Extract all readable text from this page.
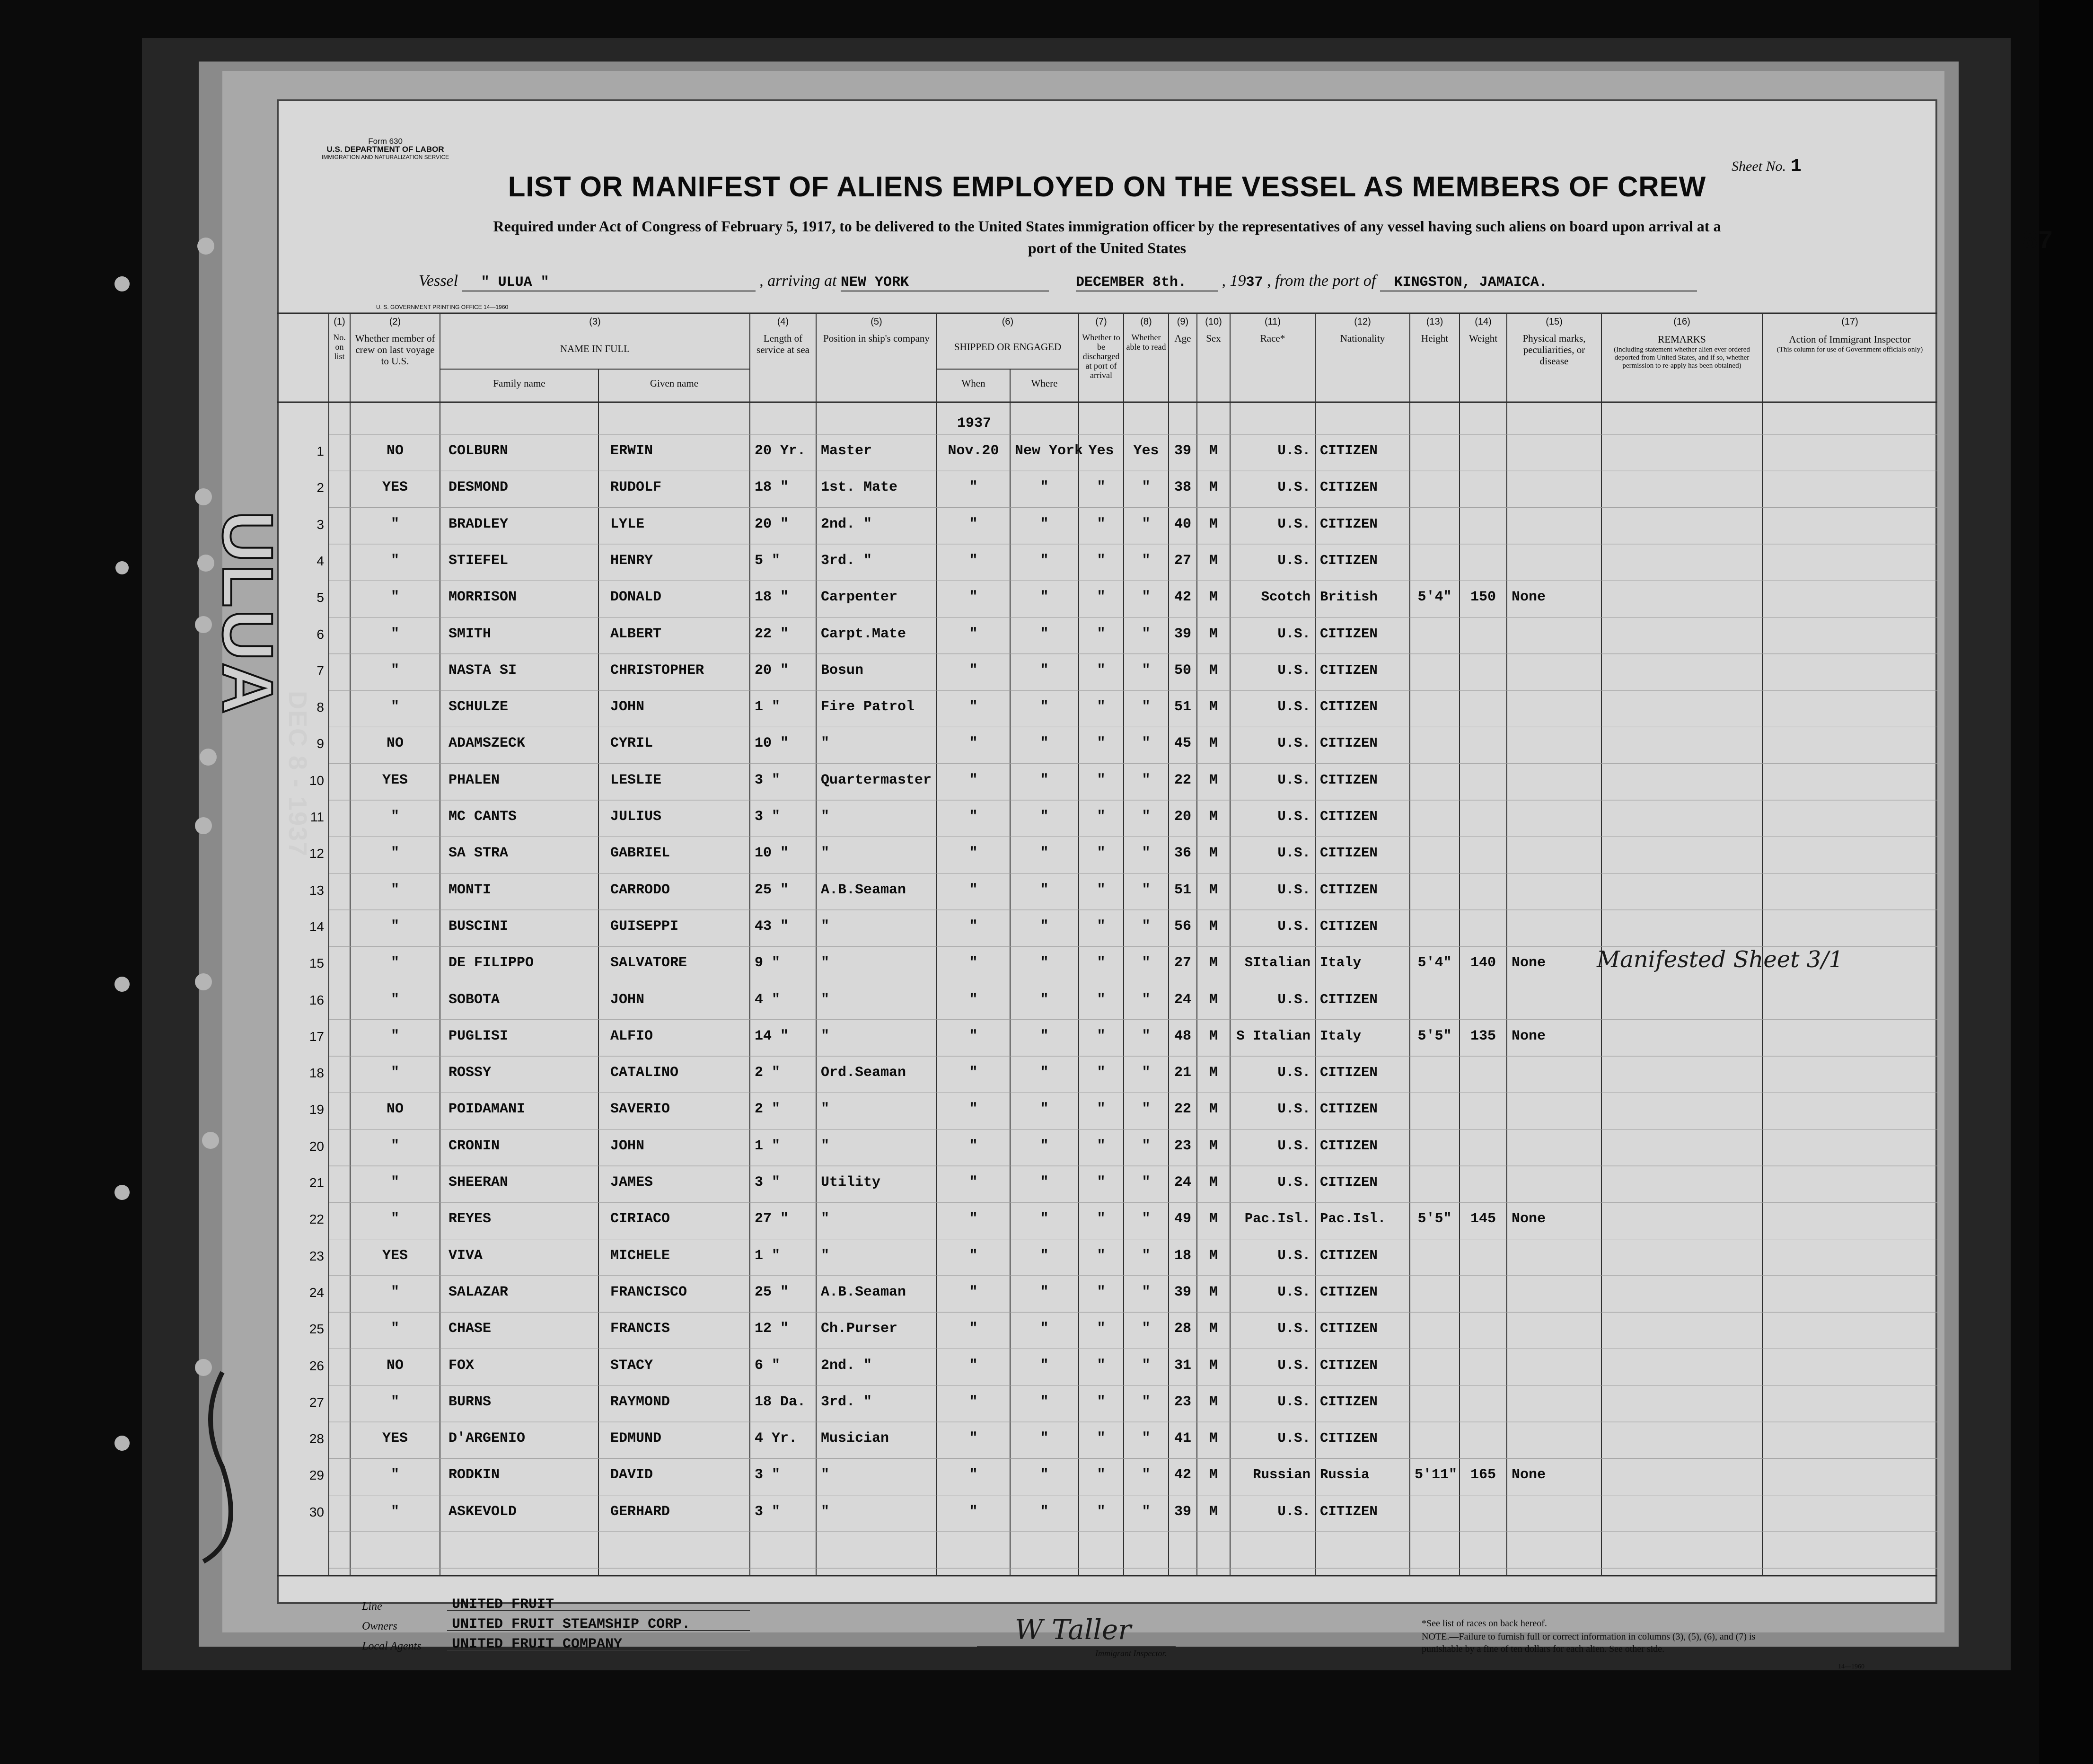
Form 630
U.S. DEPARTMENT OF LABOR
IMMIGRATION AND NATURALIZATION SERVICE
Sheet No. 1
87
LIST OR MANIFEST OF ALIENS EMPLOYED ON THE VESSEL AS MEMBERS OF CREW
Required under Act of Congress of February 5, 1917, to be delivered to the United States immigration officer by the representatives of any vessel having such aliens on board upon arrival at a
port of the United States
Vessel " ULUA "	, arriving at NEW YORK	DECEMBER 8th. , 1937 , from the port of KINGSTON, JAMAICA.
U. S. GOVERNMENT PRINTING OFFICE 14—1960
(1)
No. on list
(2)
Whether member of crew on last voyage to U.S.
(3)
NAME IN FULL
Family name	Given name
(4)
Length of service at sea
(5)
Position in ship's company
(6)
SHIPPED OR ENGAGED
When	Where
(7)
Whether to be discharged at port of arrival
(8)
Whether able to read
(9)
Age
(10)
Sex
(11)
Race*
(12)
Nationality
(13)
Height
(14)
Weight
(15)
Physical marks, peculiarities, or disease
(16)
REMARKS
(Including statement whether alien ever ordered deported from United States, and if so, whether permission to re-apply has been obtained)
(17)
Action of Immigrant Inspector
(This column for use of Government officials only)
1937
1	NO	COLBURN	ERWIN	20 Yr.	Master	Nov.20	New York Yes	Yes	39	M	U.S. CITIZEN
2	YES	DESMOND	RUDOLF	18 "	1st. Mate	"	"	"	"	38	M	U.S. CITIZEN
3	"	BRADLEY	LYLE	20 "	2nd. "	"	"	"	"	40	M	U.S. CITIZEN
4	"	STIEFEL	HENRY	5 "	3rd. "	"	"	"	"	27	M	U.S. CITIZEN
5	"	MORRISON	DONALD	18 "	Carpenter	"	"	"	"	42	M	Scotch British	5'4"	150	None
6	"	SMITH	ALBERT	22 "	Carpt.Mate	"	"	"	"	39	M	U.S. CITIZEN
7	"	NASTA SI	CHRISTOPHER	20 "	Bosun	"	"	"	"	50	M	U.S. CITIZEN
8	"	SCHULZE	JOHN	1 "	Fire Patrol	"	"	"	"	51	M	U.S. CITIZEN
9	NO	ADAMSZECK	CYRIL	10 "	"	"	"	"	"	45	M	U.S. CITIZEN
10	YES	PHALEN	LESLIE	3 "	Quartermaster	"	"	"	"	22	M	U.S. CITIZEN
11	"	MC CANTS	JULIUS	3 "	"	"	"	"	"	20	M	U.S. CITIZEN
12	"	SA STRA	GABRIEL	10 "	"	"	"	"	"	36	M	U.S. CITIZEN
13	"	MONTI	CARRODO	25 "	A.B.Seaman	"	"	"	"	51	M	U.S. CITIZEN
14	"	BUSCINI	GUISEPPI	43 "	"	"	"	"	"	56	M	U.S. CITIZEN
15	"	DE FILIPPO	SALVATORE	9 "	"	"	"	"	"	27	M	SItalian Italy	5'4"	140	None	Manifested Sheet 3/1
16	"	SOBOTA	JOHN	4 "	"	"	"	"	"	24	M	U.S. CITIZEN
17	"	PUGLISI	ALFIO	14 "	"	"	"	"	"	48	M	S Italian Italy	5'5"	135	None
18	"	ROSSY	CATALINO	2 "	Ord.Seaman	"	"	"	"	21	M	U.S. CITIZEN
19	NO	POIDAMANI	SAVERIO	2 "	"	"	"	"	"	22	M	U.S. CITIZEN
20	"	CRONIN	JOHN	1 "	"	"	"	"	"	23	M	U.S. CITIZEN
21	"	SHEERAN	JAMES	3 "	Utility	"	"	"	"	24	M	U.S. CITIZEN
22	"	REYES	CIRIACO	27 "	"	"	"	"	"	49	M	Pac.Isl. Pac.Isl.	5'5"	145	None
23	YES	VIVA	MICHELE	1 "	"	"	"	"	"	18	M	U.S. CITIZEN
24	"	SALAZAR	FRANCISCO	25 "	A.B.Seaman	"	"	"	"	39	M	U.S. CITIZEN
25	"	CHASE	FRANCIS	12 "	Ch.Purser	"	"	"	"	28	M	U.S. CITIZEN
26	NO	FOX	STACY	6 "	2nd. "	"	"	"	"	31	M	U.S. CITIZEN
27	"	BURNS	RAYMOND	18 Da.	3rd. "	"	"	"	"	23	M	U.S. CITIZEN
28	YES	D'ARGENIO	EDMUND	4 Yr.	Musician	"	"	"	"	41	M	U.S. CITIZEN
29	"	RODKIN	DAVID	3 "	"	"	"	"	"	42	M	Russian Russia	5'11" 165	None
30	"	ASKEVOLD	GERHARD	3 "	"	"	"	"	"	39	M	U.S. CITIZEN
Line	UNITED FRUIT
Owners	UNITED FRUIT STEAMSHIP CORP.
Local Agents UNITED FRUIT COMPANY	W Taller
Immigrant Inspector.
*See list of races on back hereof.
NOTE.—Failure to furnish full or correct information in columns (3), (5), (6), and (7) is punishable by a fine of ten dollars for each alien. See other side.
14—1960
ULUA
DEC 8 - 1937
